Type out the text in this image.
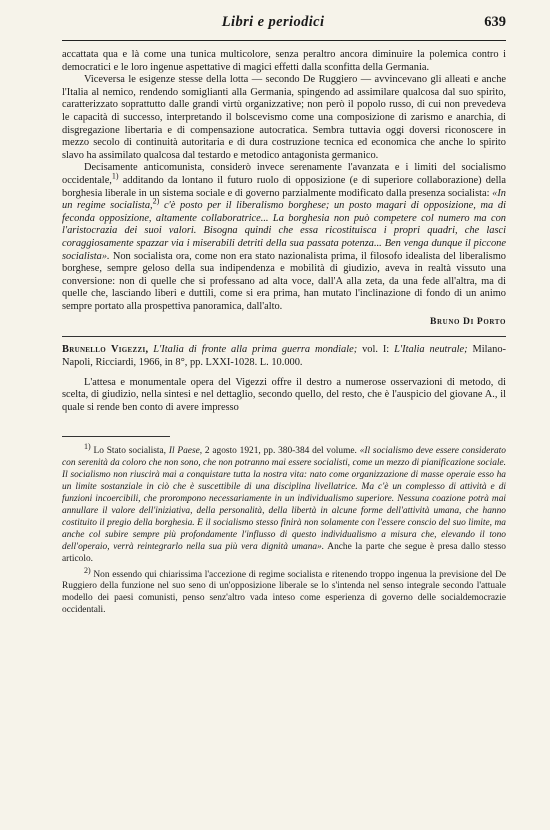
Libri e periodici	639

accattata qua e là come una tunica multicolore, senza peraltro ancora diminuire la polemica contro i democratici e le loro ingenue aspettative di magici effetti dalla sconfitta della Germania.

Viceversa le esigenze stesse della lotta — secondo De Ruggiero — avvincevano gli alleati e anche l'Italia al nemico, rendendo somiglianti alla Germania, spingendo ad assimilare qualcosa dal suo spirito, caratterizzato soprattutto dalle grandi virtù organizzative; non però il popolo russo, di cui non prevedeva le capacità di successo, interpretando il bolscevismo come una composizione di zarismo e anarchia, di disgregazione libertaria e di compensazione autocratica. Sembra tuttavia oggi doversi riconoscere in mezzo secolo di continuità autoritaria e di dura costruzione tecnica ed economica che anche lo spirito slavo ha assimilato qualcosa dal testardo e metodico antagonista germanico.

Decisamente anticomunista, considerò invece serenamente l'avanzata e i limiti del socialismo occidentale,$^{1)}$ additando da lontano il futuro ruolo di opposizione (e di superiore collaborazione) della borghesia liberale in un sistema sociale e di governo parzialmente modificato dalla presenza socialista: «In un regime socialista,$^{2)}$ c'è posto per il liberalismo borghese; un posto magari di opposizione, ma di feconda opposizione, altamente collaboratrice... La borghesia non può competere col numero ma con l'aristocrazia dei suoi valori. Bisogna quindi che essa ricostituisca i propri quadri, che lasci coraggiosamente spazzar via i miserabili detriti della sua passata potenza... Ben venga dunque il piccone socialista». Non socialista ora, come non era stato nazionalista prima, il filosofo idealista del liberalismo borghese, sempre geloso della sua indipendenza e mobilità di giudizio, aveva in realtà vissuto una conversione: non di quelle che si professano ad alta voce, dall'A alla zeta, da una fede all'altra, ma di quelle che, lasciando liberi e duttili, come si era prima, han mutato l'inclinazione di fondo di un animo sempre portato alla prospettiva panoramica, dall'alto.

Bruno Di Porto

Brunello Vigezzi, L'Italia di fronte alla prima guerra mondiale; vol. I: L'Italia neutrale; Milano-Napoli, Ricciardi, 1966, in 8°, pp. LXXI-1028. L. 10.000.

L'attesa e monumentale opera del Vigezzi offre il destro a numerose osservazioni di metodo, di scelta, di giudizio, nella sintesi e nel dettaglio, secondo quello, del resto, che è l'auspicio del giovane A., il quale si rende ben conto di avere impresso

1) Lo Stato socialista, Il Paese, 2 agosto 1921, pp. 380-384 del volume. «Il socialismo deve essere considerato con serenità da coloro che non sono, che non potranno mai essere socialisti, come un mezzo di pianificazione sociale. Il socialismo non riuscirà mai a conquistare tutta la nostra vita: nato come organizzazione di masse operaie esso ha un limite sostanziale in ciò che è suscettibile di una disciplina livellatrice. Ma c'è un complesso di attività e di funzioni incoercibili, che prorompono necessariamente in un individualismo superiore. Nessuna coazione potrà mai annullare il valore dell'iniziativa, della personalità, della libertà in alcune forme dell'attività umana, che hanno costituito il pregio della borghesia. E il socialismo stesso finirà non solamente con l'essere conscio del suo limite, ma anche col subire sempre più profondamente l'influsso di questo individualismo a misura che, elevando il tono dell'operaio, verrà reintegrarlo nella sua più vera dignità umana». Anche la parte che segue è presa dallo stesso articolo.

2) Non essendo qui chiarissima l'accezione di regime socialista e ritenendo troppo ingenua la previsione del De Ruggiero della funzione nel suo seno di un'opposizione liberale se lo s'intenda nel senso integrale secondo l'attuale modello dei paesi comunisti, penso senz'altro vada inteso come esperienza di governo delle socialdemocrazie occidentali.
